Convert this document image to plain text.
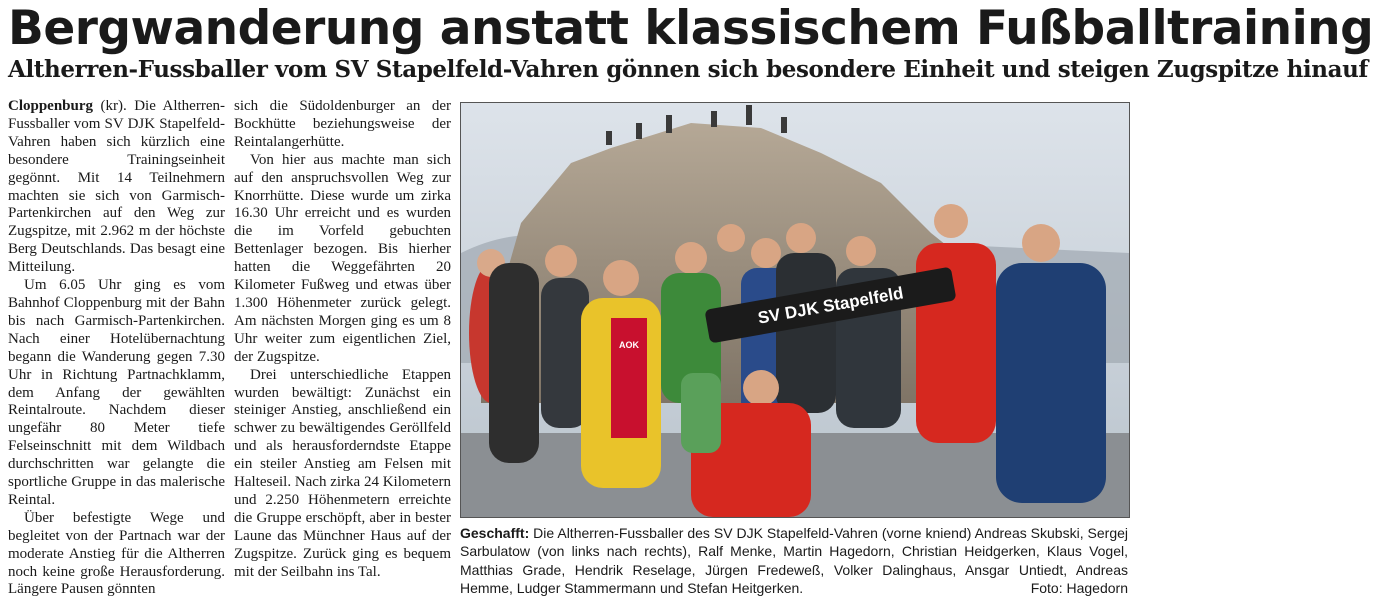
Bergwanderung anstatt klassischem Fußballtraining
Altherren-Fussballer vom SV Stapelfeld-Vahren gönnen sich besondere Einheit und steigen Zugspitze hinauf

Cloppenburg (kr). Die Altherren-Fussballer vom SV DJK Stapelfeld-Vahren haben sich kürzlich eine besondere Trainingseinheit gegönnt. Mit 14 Teilnehmern machten sie sich von Garmisch-Partenkirchen auf den Weg zur Zugspitze, mit 2.962 m der höchste Berg Deutschlands. Das besagt eine Mitteilung.

Um 6.05 Uhr ging es vom Bahnhof Cloppenburg mit der Bahn bis nach Garmisch-Partenkirchen. Nach einer Hotelübernachtung begann die Wanderung gegen 7.30 Uhr in Richtung Partnachklamm, dem Anfang der gewählten Reintalroute. Nachdem dieser ungefähr 80 Meter tiefe Felseinschnitt mit dem Wildbach durchschritten war gelangte die sportliche Gruppe in das malerische Reintal.

Über befestigte Wege und begleitet von der Partnach war der moderate Anstieg für die Altherren noch keine große Herausforderung. Längere Pausen gönnten

sich die Südoldenburger an der Bockhütte beziehungsweise der Reintalangerhütte.

Von hier aus machte man sich auf den anspruchsvollen Weg zur Knorrhütte. Diese wurde um zirka 16.30 Uhr erreicht und es wurden die im Vorfeld gebuchten Bettenlager bezogen. Bis hierher hatten die Weggefährten 20 Kilometer Fußweg und etwas über 1.300 Höhenmeter zurück gelegt. Am nächsten Morgen ging es um 8 Uhr weiter zum eigentlichen Ziel, der Zugspitze.

Drei unterschiedliche Etappen wurden bewältigt: Zunächst ein steiniger Anstieg, anschließend ein schwer zu bewältigendes Geröllfeld und als herausforderndste Etappe ein steiler Anstieg am Felsen mit Halteseil. Nach zirka 24 Kilometern und 2.250 Höhenmetern erreichte die Gruppe erschöpft, aber in bester Laune das Münchner Haus auf der Zugspitze. Zurück ging es bequem mit der Seilbahn ins Tal.

SV DJK Stapelfeld
AOK
Geschafft: Die Altherren-Fussballer des SV DJK Stapelfeld-Vahren (vorne kniend) Andreas Skubski, Sergej Sarbulatow (von links nach rechts), Ralf Menke, Martin Hagedorn, Christian Heidgerken, Klaus Vogel, Matthias Grade, Hendrik Reselage, Jürgen Fredeweß, Volker Dalinghaus, Ansgar Untiedt, Andreas Hemme, Ludger Stammermann und Stefan Heitgerken.	Foto: Hagedorn
